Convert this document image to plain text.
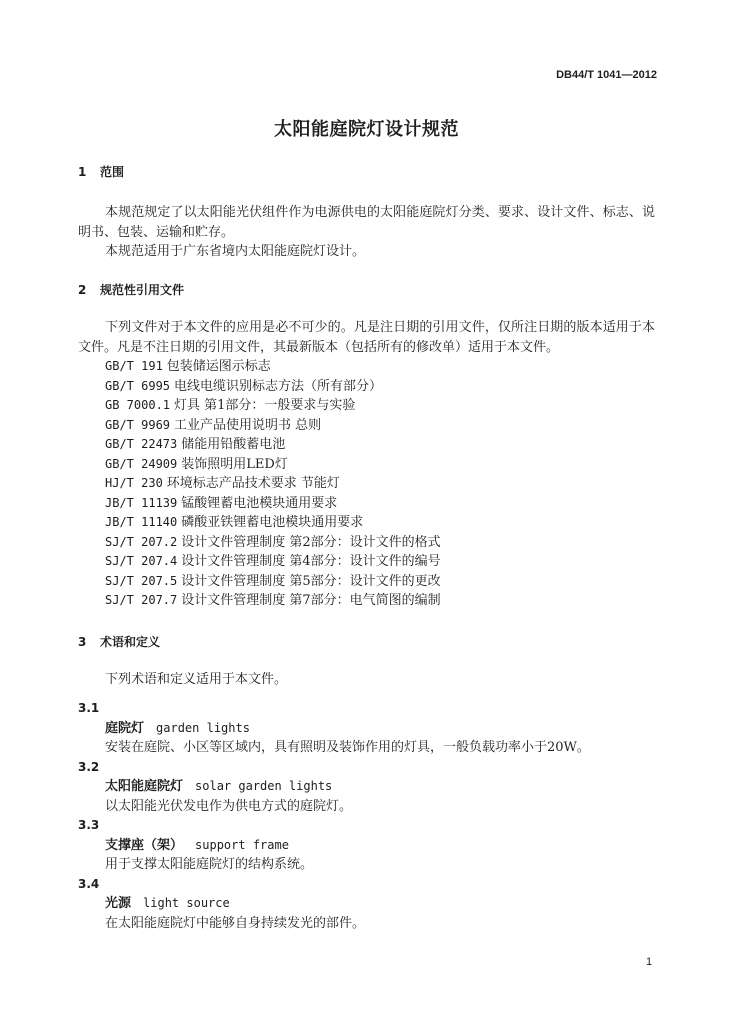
DB44/T 1041—2012
太阳能庭院灯设计规范
1 范围

本规范规定了以太阳能光伏组件作为电源供电的太阳能庭院灯分类、要求、设计文件、标志、说明书、包装、运输和贮存。

本规范适用于广东省境内太阳能庭院灯设计。

2 规范性引用文件

下列文件对于本文件的应用是必不可少的。凡是注日期的引用文件，仅所注日期的版本适用于本文件。凡是不注日期的引用文件，其最新版本（包括所有的修改单）适用于本文件。

GB/T 191 包装储运图示标志
GB/T 6995 电线电缆识别标志方法（所有部分）
GB 7000.1 灯具 第1部分：一般要求与实验
GB/T 9969 工业产品使用说明书 总则
GB/T 22473 储能用铅酸蓄电池
GB/T 24909 装饰照明用LED灯
HJ/T 230 环境标志产品技术要求 节能灯
JB/T 11139 锰酸锂蓄电池模块通用要求
JB/T 11140 磷酸亚铁锂蓄电池模块通用要求
SJ/T 207.2 设计文件管理制度 第2部分：设计文件的格式
SJ/T 207.4 设计文件管理制度 第4部分：设计文件的编号
SJ/T 207.5 设计文件管理制度 第5部分：设计文件的更改
SJ/T 207.7 设计文件管理制度 第7部分：电气简图的编制
3 术语和定义

下列术语和定义适用于本文件。

3.1
庭院灯 garden lights
安装在庭院、小区等区域内，具有照明及装饰作用的灯具，一般负载功率小于20W。
3.2
太阳能庭院灯 solar garden lights
以太阳能光伏发电作为供电方式的庭院灯。
3.3
支撑座（架） support frame
用于支撑太阳能庭院灯的结构系统。
3.4
光源 light source
在太阳能庭院灯中能够自身持续发光的部件。
1
